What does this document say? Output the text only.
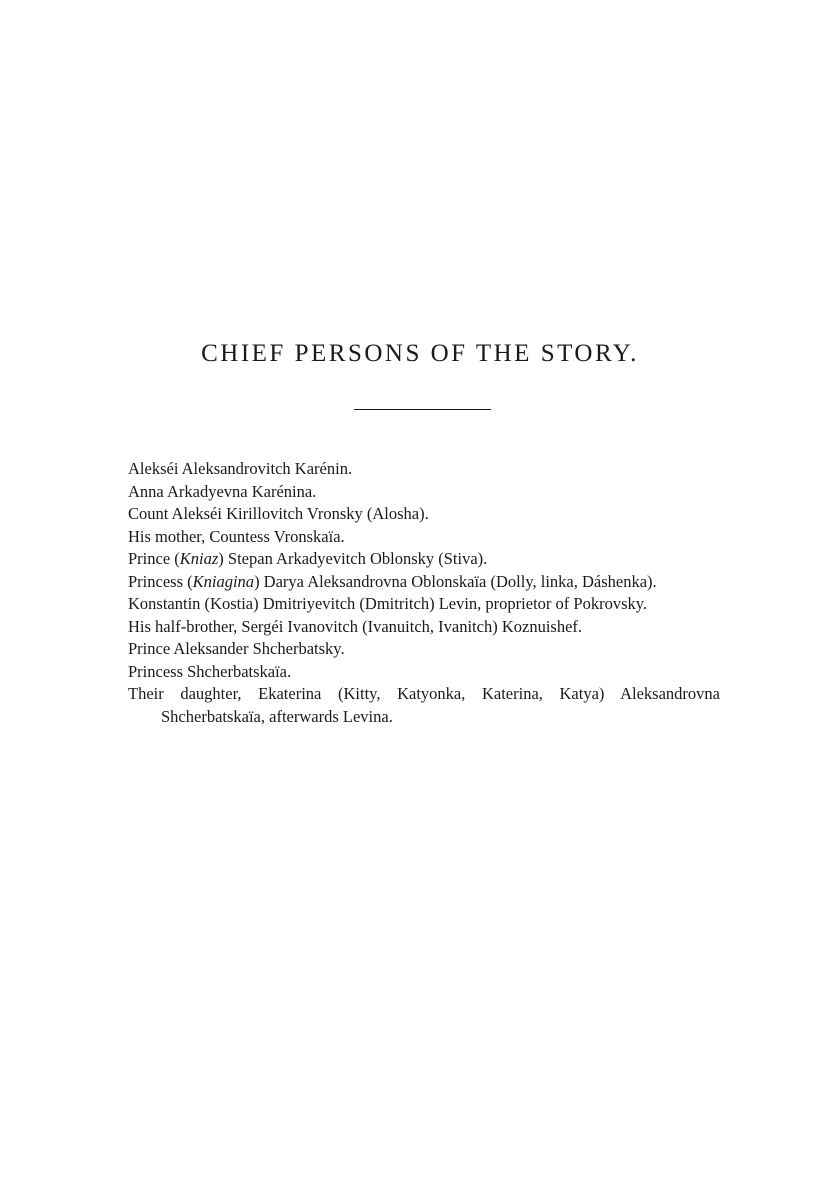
CHIEF PERSONS OF THE STORY.
Alekséi Aleksandrovitch Karénin.
Anna Arkadyevna Karénina.
Count Alekséi Kirillovitch Vronsky (Alosha).
His mother, Countess Vronskaïa.
Prince (Kniaz) Stepan Arkadyevitch Oblonsky (Stiva).
Princess (Kniagina) Darya Aleksandrovna Oblonskaïa (Dolly, linka, Dáshenka).
Konstantin (Kostia) Dmitriyevitch (Dmitritch) Levin, proprietor of Pokrovsky.
His half-brother, Sergéi Ivanovitch (Ivanuitch, Ivanitch) Koznuishef.
Prince Aleksander Shcherbatsky.
Princess Shcherbatskaïa.
Their daughter, Ekaterina (Kitty, Katyonka, Katerina, Katya) Aleksandrovna Shcherbatskaïa, afterwards Levina.
